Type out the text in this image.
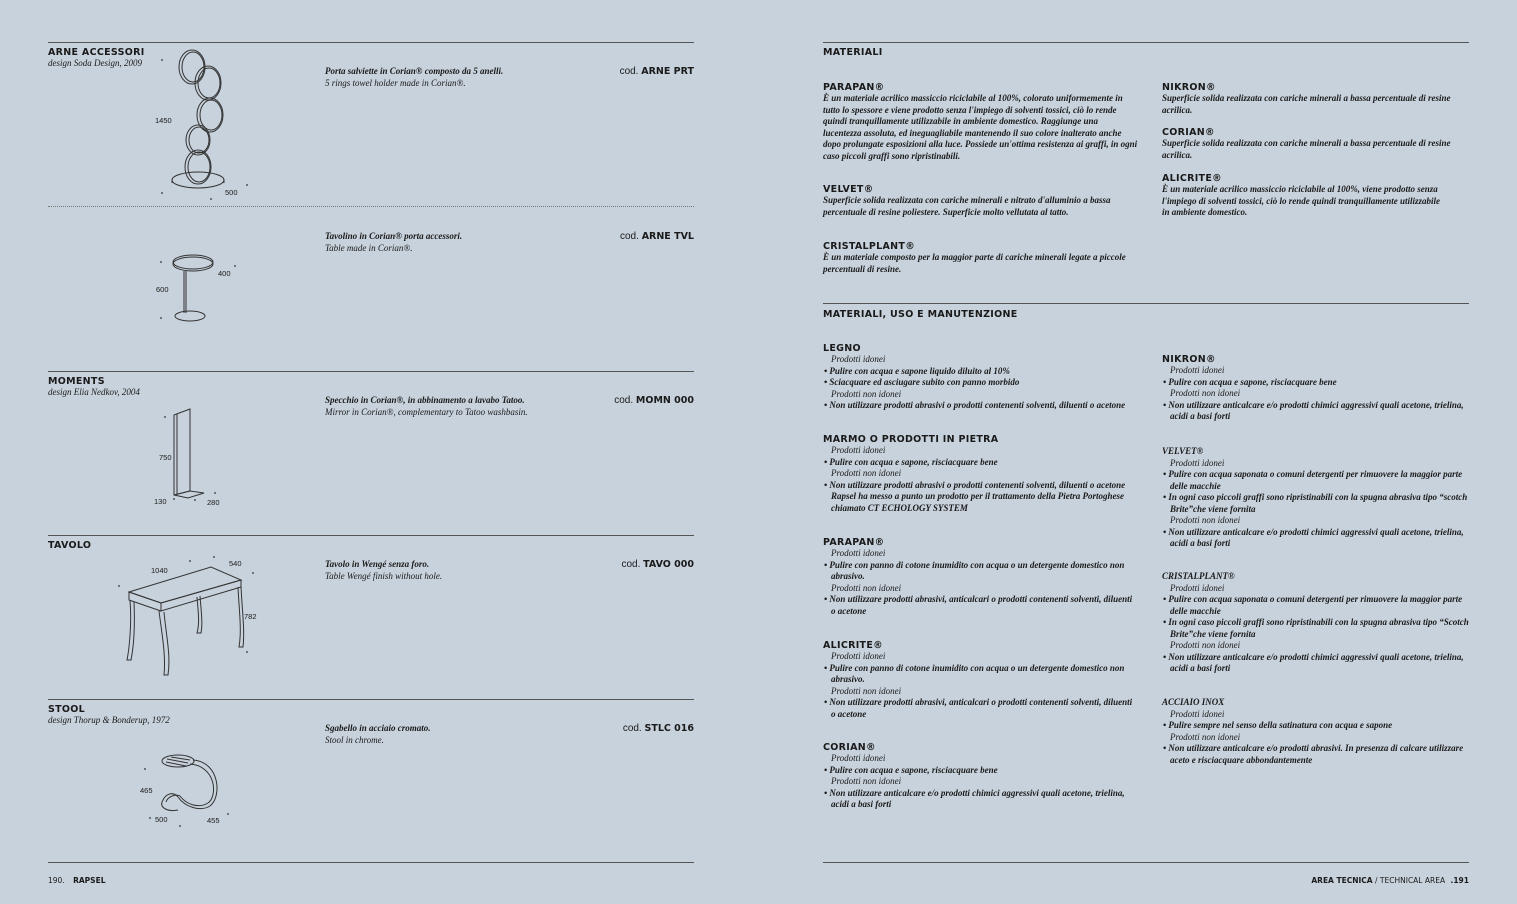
ARNE ACCESSORI
design Soda Design, 2009
Porta salviette in Corian® composto da 5 anelli.
5 rings towel holder made in Corian®.
cod. ARNE PRT
1450
500
Tavolino in Corian® porta accessori.
Table made in Corian®.
cod. ARNE TVL
400
600
MOMENTS
design Elia Nedkov, 2004
Specchio in Corian®, in abbinamento a lavabo Tatoo.
Mirror in Corian®, complementary to Tatoo washbasin.
cod. MOMN 000
750
130	280
TAVOLO
Tavolo in Wengé senza foro.
Table Wengé finish without hole.
cod. TAVO 000
1040
540
782
STOOL
design Thorup & Bonderup, 1972
Sgabello in acciaio cromato.
Stool in chrome.
cod. STLC 016
465
500	455
190. RAPSEL
MATERIALI
PARAPAN®
È un materiale acrilico massiccio riciclabile al 100%, colorato uniformemente in tutto lo spessore e viene prodotto senza l'impiego di solventi tossici, ciò lo rende quindi tranquillamente utilizzabile in ambiente domestico. Raggiunge una lucentezza assoluta, ed ineguagliabile mantenendo il suo colore inalterato anche dopo prolungate esposizioni alla luce. Possiede un'ottima resistenza ai graffi, in ogni caso piccoli graffi sono ripristinabili.
VELVET®
Superficie solida realizzata con cariche minerali e nitrato d'alluminio a bassa percentuale di resine poliestere. Superficie molto vellutata al tatto.
CRISTALPLANT®
È un materiale composto per la maggior parte di cariche minerali legate a piccole percentuali di resine.
NIKRON®
Superficie solida realizzata con cariche minerali a bassa percentuale di resine acrilica.
CORIAN®
Superficie solida realizzata con cariche minerali a bassa percentuale di resine acrilica.
ALICRITE®
È un materiale acrilico massiccio riciclabile al 100%, viene prodotto senza l'impiego di solventi tossici, ciò lo rende quindi tranquillamente utilizzabile in ambiente domestico.
MATERIALI, USO E MANUTENZIONE
LEGNO
Prodotti idonei
• Pulire con acqua e sapone liquido diluito al 10%
• Sciacquare ed asciugare subito con panno morbido
Prodotti non idonei
• Non utilizzare prodotti abrasivi o prodotti contenenti solventi, diluenti o acetone
MARMO O PRODOTTI IN PIETRA
Prodotti idonei
• Pulire con acqua e sapone, risciacquare bene
Prodotti non idonei
• Non utilizzare prodotti abrasivi o prodotti contenenti solventi, diluenti o acetone Rapsel ha messo a punto un prodotto per il trattamento della Pietra Portoghese chiamato CT ECHOLOGY SYSTEM
PARAPAN®
Prodotti idonei
• Pulire con panno di cotone inumidito con acqua o un detergente domestico non abrasivo.
Prodotti non idonei
• Non utilizzare prodotti abrasivi, anticalcari o prodotti contenenti solventi, diluenti o acetone
ALICRITE®
Prodotti idonei
• Pulire con panno di cotone inumidito con acqua o un detergente domestico non abrasivo.
Prodotti non idonei
• Non utilizzare prodotti abrasivi, anticalcari o prodotti contenenti solventi, diluenti o acetone
CORIAN®
Prodotti idonei
• Pulire con acqua e sapone, risciacquare bene
Prodotti non idonei
• Non utilizzare anticalcare e/o prodotti chimici aggressivi quali acetone, trielina, acidi a basi forti
NIKRON®
Prodotti idonei
• Pulire con acqua e sapone, risciacquare bene
Prodotti non idonei
• Non utilizzare anticalcare e/o prodotti chimici aggressivi quali acetone, trielina, acidi a basi forti
VELVET®
Prodotti idonei
• Pulire con acqua saponata o comuni detergenti per rimuovere la maggior parte delle macchie
• In ogni caso piccoli graffi sono ripristinabili con la spugna abrasiva tipo “scotch Brite”che viene fornita
Prodotti non idonei
• Non utilizzare anticalcare e/o prodotti chimici aggressivi quali acetone, trielina, acidi a basi forti
CRISTALPLANT®
Prodotti idonei
• Pulire con acqua saponata o comuni detergenti per rimuovere la maggior parte delle macchie
• In ogni caso piccoli graffi sono ripristinabili con la spugna abrasiva tipo “Scotch Brite”che viene fornita
Prodotti non idonei
• Non utilizzare anticalcare e/o prodotti chimici aggressivi quali acetone, trielina, acidi a basi forti
ACCIAIO INOX
Prodotti idonei
• Pulire sempre nel senso della satinatura con acqua e sapone
Prodotti non idonei
• Non utilizzare anticalcare e/o prodotti abrasivi. In presenza di calcare utilizzare aceto e risciacquare abbondantemente
AREA TECNICA / TECHNICAL AREA .191
